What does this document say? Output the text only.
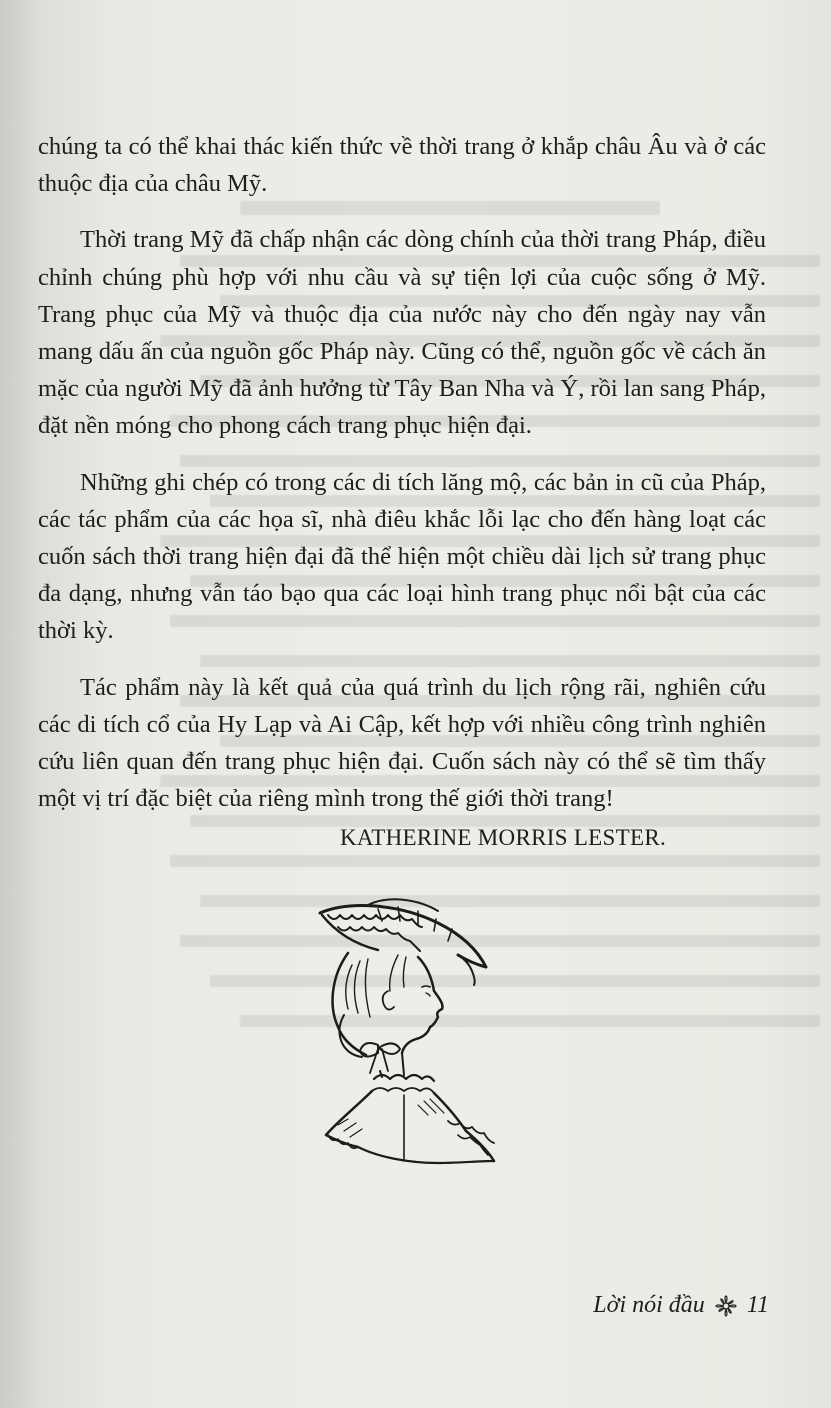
chúng ta có thể khai thác kiến thức về thời trang ở khắp châu Âu và ở các thuộc địa của châu Mỹ.

Thời trang Mỹ đã chấp nhận các dòng chính của thời trang Pháp, điều chỉnh chúng phù hợp với nhu cầu và sự tiện lợi của cuộc sống ở Mỹ. Trang phục của Mỹ và thuộc địa của nước này cho đến ngày nay vẫn mang dấu ấn của nguồn gốc Pháp này. Cũng có thể, nguồn gốc về cách ăn mặc của người Mỹ đã ảnh hưởng từ Tây Ban Nha và Ý, rồi lan sang Pháp, đặt nền móng cho phong cách trang phục hiện đại.

Những ghi chép có trong các di tích lăng mộ, các bản in cũ của Pháp, các tác phẩm của các họa sĩ, nhà điêu khắc lỗi lạc cho đến hàng loạt các cuốn sách thời trang hiện đại đã thể hiện một chiều dài lịch sử trang phục đa dạng, nhưng vẫn táo bạo qua các loại hình trang phục nổi bật của các thời kỳ.

Tác phẩm này là kết quả của quá trình du lịch rộng rãi, nghiên cứu các di tích cổ của Hy Lạp và Ai Cập, kết hợp với nhiều công trình nghiên cứu liên quan đến trang phục hiện đại. Cuốn sách này có thể sẽ tìm thấy một vị trí đặc biệt của riêng mình trong thế giới thời trang!

KATHERINE MORRIS LESTER.
Lời nói đầu 11
